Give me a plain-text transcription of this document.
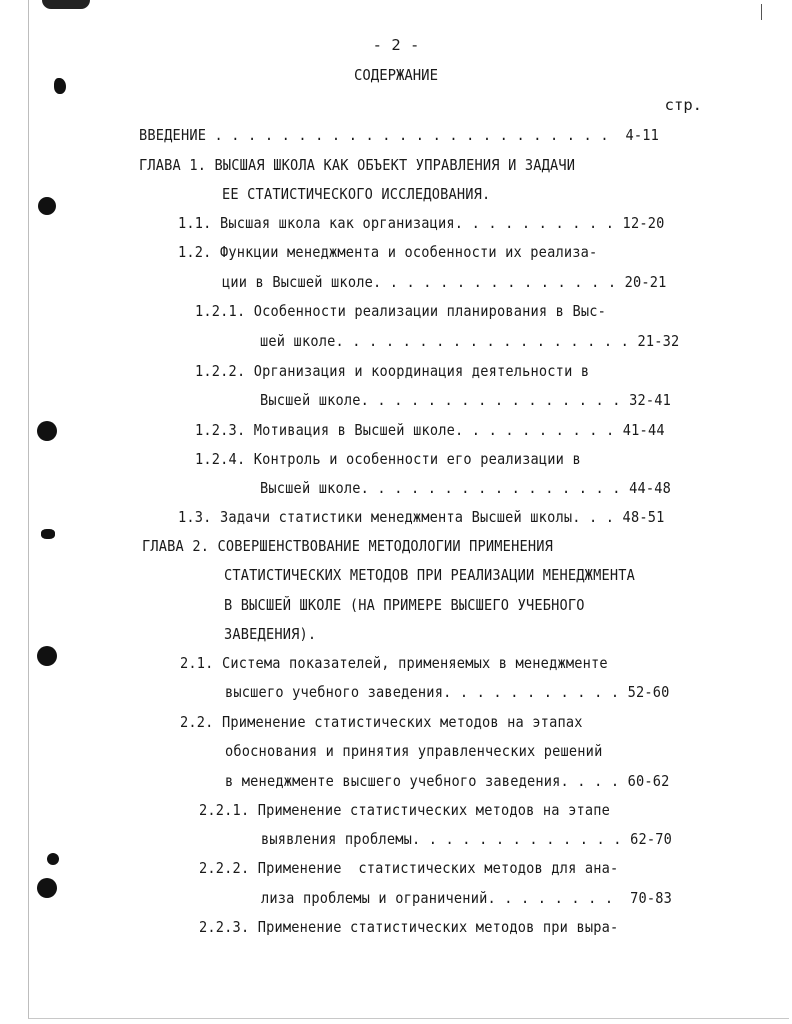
- 2 -
СОДЕРЖАНИЕ
стр.
ВВЕДЕНИЕ . . . . . . . . . . . . . . . . . . . . . . . .  4-11
ГЛАВА 1. ВЫСШАЯ ШКОЛА КАК ОБЪЕКТ УПРАВЛЕНИЯ И ЗАДАЧИ
ЕЕ СТАТИСТИЧЕСКОГО ИССЛЕДОВАНИЯ.
1.1. Высшая школа как организация. . . . . . . . . . 12-20
1.2. Функции менеджмента и особенности их реализа-
ции в Высшей школе. . . . . . . . . . . . . . . 20-21
1.2.1. Особенности реализации планирования в Выс-
шей школе. . . . . . . . . . . . . . . . . . 21-32
1.2.2. Организация и координация деятельности в
Высшей школе. . . . . . . . . . . . . . . . 32-41
1.2.3. Мотивация в Высшей школе. . . . . . . . . . 41-44
1.2.4. Контроль и особенности его реализации в
Высшей школе. . . . . . . . . . . . . . . . 44-48
1.3. Задачи статистики менеджмента Высшей школы. . . 48-51
ГЛАВА 2. СОВЕРШЕНСТВОВАНИЕ МЕТОДОЛОГИИ ПРИМЕНЕНИЯ
СТАТИСТИЧЕСКИХ МЕТОДОВ ПРИ РЕАЛИЗАЦИИ МЕНЕДЖМЕНТА
В ВЫСШЕЙ ШКОЛЕ (НА ПРИМЕРЕ ВЫСШЕГО УЧЕБНОГО
ЗАВЕДЕНИЯ).
2.1. Система показателей, применяемых в менеджменте
высшего учебного заведения. . . . . . . . . . . 52-60
2.2. Применение статистических методов на этапах
обоснования и принятия управленческих решений
в менеджменте высшего учебного заведения. . . . 60-62
2.2.1. Применение статистических методов на этапе
выявления проблемы. . . . . . . . . . . . . 62-70
2.2.2. Применение  статистических методов для ана-
лиза проблемы и ограничений. . . . . . . .  70-83
2.2.3. Применение статистических методов при выра-
